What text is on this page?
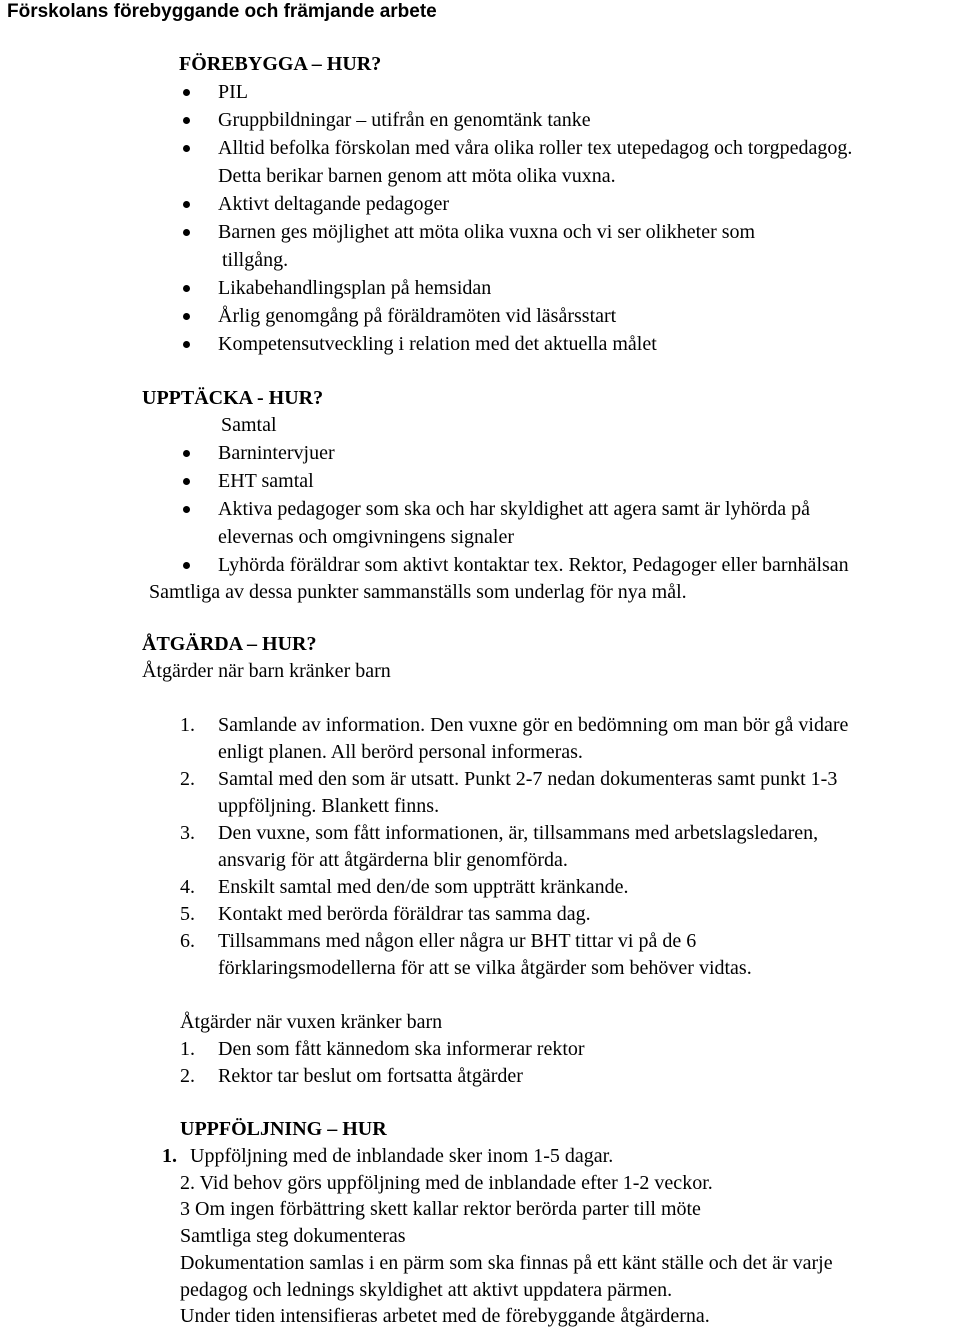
Förskolans förebyggande och främjande arbete
FÖREBYGGA – HUR?
PIL
Gruppbildningar – utifrån en genomtänk tanke
Alltid befolka förskolan med våra olika roller tex utepedagog och torgpedagog.
Detta berikar barnen genom att möta olika vuxna.
Aktivt deltagande pedagoger
Barnen ges möjlighet att möta olika vuxna och vi ser olikheter som
tillgång.
Likabehandlingsplan på hemsidan
Årlig genomgång på föräldramöten vid läsårsstart
Kompetensutveckling i relation med det aktuella målet
UPPTÄCKA - HUR?
Samtal
Barnintervjuer
EHT samtal
Aktiva pedagoger som ska och har skyldighet att agera samt är lyhörda på
elevernas och omgivningens signaler
Lyhörda föräldrar som aktivt kontaktar tex. Rektor, Pedagoger eller barnhälsan
Samtliga av dessa punkter sammanställs som underlag för nya mål.
ÅTGÄRDA – HUR?
Åtgärder när barn kränker barn
1. Samlande av information. Den vuxne gör en bedömning om man bör gå vidare
enligt planen. All berörd personal informeras.
2. Samtal med den som är utsatt. Punkt 2-7 nedan dokumenteras samt punkt 1-3
uppföljning. Blankett finns.
3. Den vuxne, som fått informationen, är, tillsammans med arbetslagsledaren,
ansvarig för att åtgärderna blir genomförda.
4. Enskilt samtal med den/de som uppträtt kränkande.
5. Kontakt med berörda föräldrar tas samma dag.
6. Tillsammans med någon eller några ur BHT tittar vi på de 6
förklaringsmodellerna för att se vilka åtgärder som behöver vidtas.
Åtgärder när vuxen kränker barn
1. Den som fått kännedom ska informerar rektor
2. Rektor tar beslut om fortsatta åtgärder
UPPFÖLJNING – HUR
1. Uppföljning med de inblandade sker inom 1-5 dagar.
2. Vid behov görs uppföljning med de inblandade efter 1-2 veckor.
3 Om ingen förbättring skett kallar rektor berörda parter till möte
Samtliga steg dokumenteras
Dokumentation samlas i en pärm som ska finnas på ett känt ställe och det är varje
pedagog och lednings skyldighet att aktivt uppdatera pärmen.
Under tiden intensifieras arbetet med de förebyggande åtgärderna.
